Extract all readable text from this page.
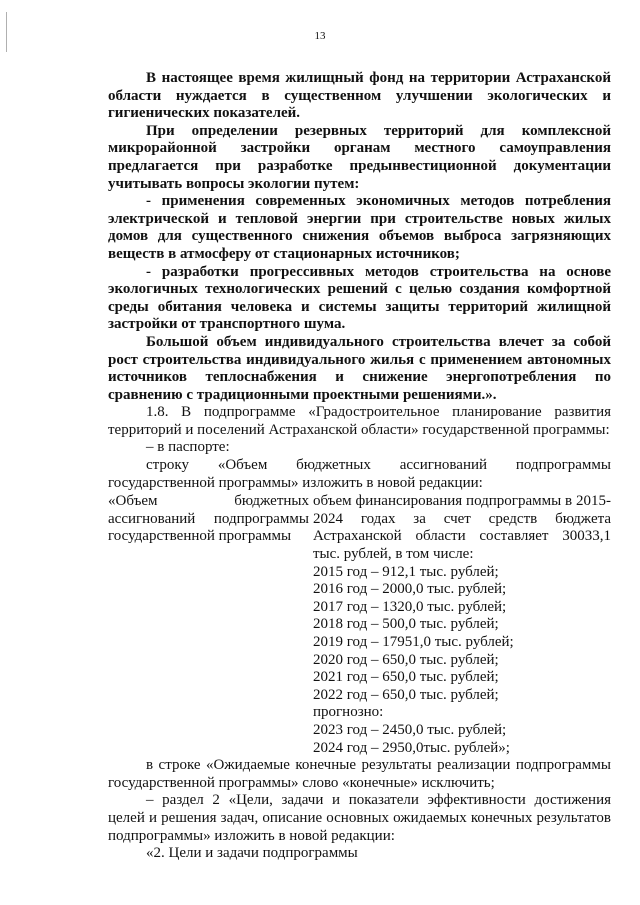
13

В настоящее время жилищный фонд на территории Астраханской области нуждается в существенном улучшении экологических и гигиенических показателей.

При определении резервных территорий для комплексной микрорайонной застройки органам местного самоуправления предлагается при разработке предынвестиционной документации учитывать вопросы экологии путем:

- применения современных экономичных методов потребления электрической и тепловой энергии при строительстве новых жилых домов для существенного снижения объемов выброса загрязняющих веществ в атмосферу от стационарных источников;

- разработки прогрессивных методов строительства на основе экологичных технологических решений с целью создания комфортной среды обитания человека и системы защиты территорий жилищной застройки от транспортного шума.

Большой объем индивидуального строительства влечет за собой рост строительства индивидуального жилья с применением автономных источников теплоснабжения и снижение энергопотребления по сравнению с традиционными проектными решениями.».

1.8. В подпрограмме «Градостроительное планирование развития территорий и поселений Астраханской области» государственной программы:

– в паспорте:

строку «Объем бюджетных ассигнований подпрограммы государственной программы» изложить в новой редакции:

«Объем бюджетных ассигнований подпрограммы государственной программы

объем финансирования подпрограммы в 2015-2024 годах за счет средств бюджета Астраханской области составляет 30033,1 тыс. рублей, в том числе:

2015 год – 912,1 тыс. рублей;
2016 год – 2000,0 тыс. рублей;
2017 год – 1320,0 тыс. рублей;
2018 год – 500,0 тыс. рублей;
2019 год – 17951,0 тыс. рублей;
2020 год – 650,0 тыс. рублей;
2021 год – 650,0 тыс. рублей;
2022 год – 650,0 тыс. рублей;
прогнозно:
2023 год – 2450,0 тыс. рублей;
2024 год – 2950,0тыс. рублей»;

в строке «Ожидаемые конечные результаты реализации подпрограммы государственной программы» слово «конечные» исключить;

– раздел 2 «Цели, задачи и показатели эффективности достижения целей и решения задач, описание основных ожидаемых конечных результатов подпрограммы» изложить в новой редакции:

«2. Цели и задачи подпрограммы
